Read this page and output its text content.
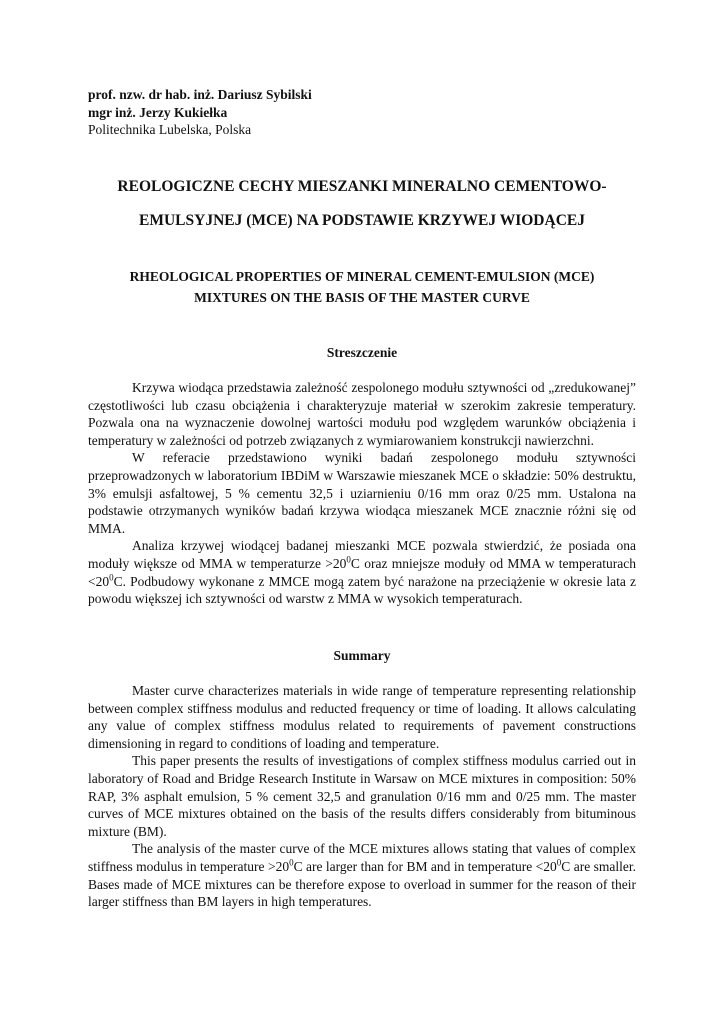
prof. nzw. dr hab. inż. Dariusz Sybilski
mgr inż. Jerzy Kukiełka
Politechnika Lubelska, Polska
REOLOGICZNE CECHY MIESZANKI MINERALNO CEMENTOWO-
EMULSYJNEJ (MCE) NA PODSTAWIE KRZYWEJ WIODĄCEJ
RHEOLOGICAL PROPERTIES OF MINERAL CEMENT-EMULSION (MCE)
MIXTURES ON THE BASIS OF THE MASTER CURVE
Streszczenie

Krzywa wiodąca przedstawia zależność zespolonego modułu sztywności od „zredukowanej” częstotliwości lub czasu obciążenia i charakteryzuje materiał w szerokim zakresie temperatury. Pozwala ona na wyznaczenie dowolnej wartości modułu pod względem warunków obciążenia i temperatury w zależności od potrzeb związanych z wymiarowaniem konstrukcji nawierzchni.

W referacie przedstawiono wyniki badań zespolonego modułu sztywności przeprowadzonych w laboratorium IBDiM w Warszawie mieszanek MCE o składzie: 50% destruktu, 3% emulsji asfaltowej, 5 % cementu 32,5 i uziarnieniu 0/16 mm oraz 0/25 mm. Ustalona na podstawie otrzymanych wyników badań krzywa wiodąca mieszanek MCE znacznie różni się od MMA.

Analiza krzywej wiodącej badanej mieszanki MCE pozwala stwierdzić, że posiada ona moduły większe od MMA w temperaturze $>20^0C$ oraz mniejsze moduły od MMA w temperaturach $<20^0C$. Podbudowy wykonane z MMCE mogą zatem być narażone na przeciążenie w okresie lata z powodu większej ich sztywności od warstw z MMA w wysokich temperaturach.

Summary

Master curve characterizes materials in wide range of temperature representing relationship between complex stiffness modulus and reducted frequency or time of loading. It allows calculating any value of complex stiffness modulus related to requirements of pavement constructions dimensioning in regard to conditions of loading and temperature.

This paper presents the results of investigations of complex stiffness modulus carried out in laboratory of Road and Bridge Research Institute in Warsaw on MCE mixtures in composition: 50% RAP, 3% asphalt emulsion, 5 % cement 32,5 and granulation 0/16 mm and 0/25 mm. The master curves of MCE mixtures obtained on the basis of the results differs considerably from bituminous mixture (BM).

The analysis of the master curve of the MCE mixtures allows stating that values of complex stiffness modulus in temperature $>20^0C$ are larger than for BM and in temperature $<20^0C$ are smaller. Bases made of MCE mixtures can be therefore expose to overload in summer for the reason of their larger stiffness than BM layers in high temperatures.
